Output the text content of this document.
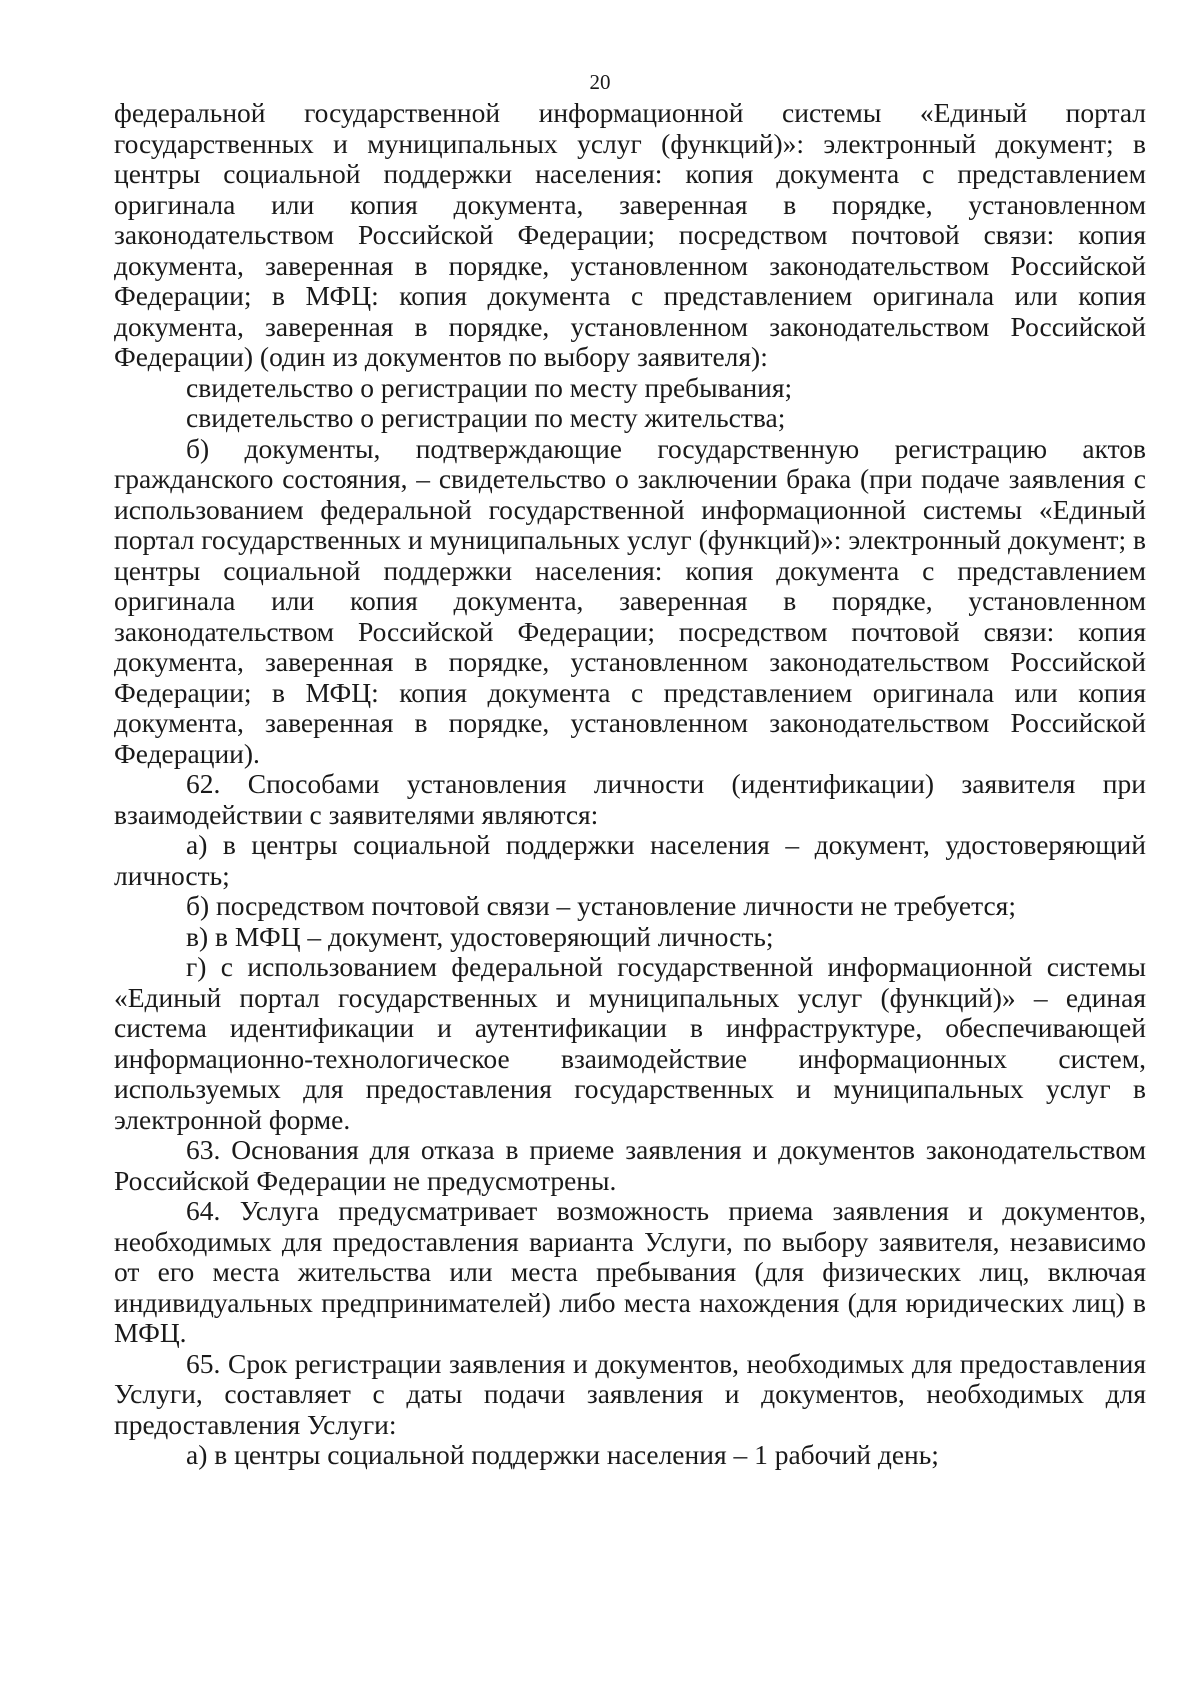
20

федеральной государственной информационной системы «Единый портал государственных и муниципальных услуг (функций)»: электронный документ; в центры социальной поддержки населения: копия документа с представлением оригинала или копия документа, заверенная в порядке, установленном законодательством Российской Федерации; посредством почтовой связи: копия документа, заверенная в порядке, установленном законодательством Российской Федерации; в МФЦ: копия документа с представлением оригинала или копия документа, заверенная в порядке, установленном законодательством Российской Федерации) (один из документов по выбору заявителя):

свидетельство о регистрации по месту пребывания;

свидетельство о регистрации по месту жительства;

б) документы, подтверждающие государственную регистрацию актов гражданского состояния, – свидетельство о заключении брака (при подаче заявления с использованием федеральной государственной информационной системы «Единый портал государственных и муниципальных услуг (функций)»: электронный документ; в центры социальной поддержки населения: копия документа с представлением оригинала или копия документа, заверенная в порядке, установленном законодательством Российской Федерации; посредством почтовой связи: копия документа, заверенная в порядке, установленном законодательством Российской Федерации; в МФЦ: копия документа с представлением оригинала или копия документа, заверенная в порядке, установленном законодательством Российской Федерации).

62. Способами установления личности (идентификации) заявителя при взаимодействии с заявителями являются:

а) в центры социальной поддержки населения – документ, удостоверяющий личность;

б) посредством почтовой связи – установление личности не требуется;

в) в МФЦ – документ, удостоверяющий личность;

г) с использованием федеральной государственной информационной системы «Единый портал государственных и муниципальных услуг (функций)» – единая система идентификации и аутентификации в инфраструктуре, обеспечивающей информационно-технологическое взаимодействие информационных систем, используемых для предоставления государственных и муниципальных услуг в электронной форме.

63. Основания для отказа в приеме заявления и документов законодательством Российской Федерации не предусмотрены.

64. Услуга предусматривает возможность приема заявления и документов, необходимых для предоставления варианта Услуги, по выбору заявителя, независимо от его места жительства или места пребывания (для физических лиц, включая индивидуальных предпринимателей) либо места нахождения (для юридических лиц) в МФЦ.

65. Срок регистрации заявления и документов, необходимых для предоставления Услуги, составляет с даты подачи заявления и документов, необходимых для предоставления Услуги:

а) в центры социальной поддержки населения – 1 рабочий день;
